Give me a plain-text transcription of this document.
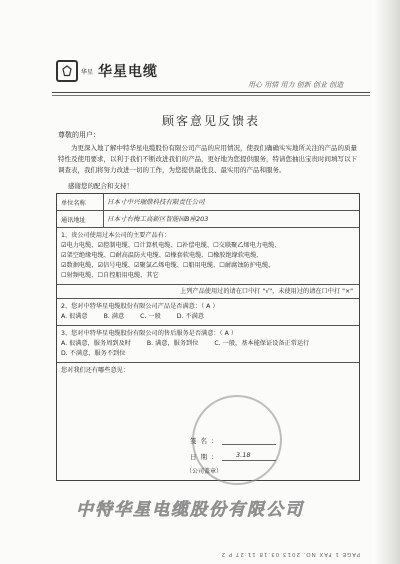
华星 华星电缆
用心 用情 用力 创新 创业 创造
顾客意见反馈表
尊敬的用户：
为更深入地了解中特华星电缆股份有限公司产品的应用情况，使我们确确实实地所关注的产品的质量特性及使用要求，以利于我们不断改进我们的产品，更好地为您提供服务，特请您抽出宝贵时间填写以下调查表，我们将努力改进一切的工作，为您提供最优良、最实用的产品和服务。
感谢您的配合和支持！
单位名称	日本寸中兴瑞鼎科技有限责任公司
通讯地址	日本寸右梅工高新区智能园B座203
1、贵公司使用过本公司的主要产品有：
☑电力电缆、☑控制电缆、☐计算机电缆、☐补偿电缆、☐交联聚乙烯电力电缆、
☑架空绝缘电缆、☐耐高温防火电缆、☑橡套软电缆、☐橡胶绝缘软电缆、
☑数据电缆、☑信号电缆、☑聚氯乙烯电缆、☐船用电缆、☐耐腐蚀防护电缆、
☐射频电缆、☐自控船用电缆、其它
上列产品使用过的请在口中打 "√"，未使用过的请在口中打 "×"
2、您对中特华星电缆股份有限公司产品是否满意：（ A ）
A. 很满意	B. 满意	C. 一般	D. 不满意
3、您对中特华星电缆股份有限公司的售后服务是否满意：（ A ）
A. 很满意，服务周到及时	B. 满意，服务到位	C. 一般，基本能保证设备正常运行
D. 不满意，服务不到位
您对我们还有哪些意见：
签名：
日期： 3.18
（公司盖章）
中特华星电缆股份有限公司
PAGE 1 FAX NO. 2013.03.18 11:27 P 2
